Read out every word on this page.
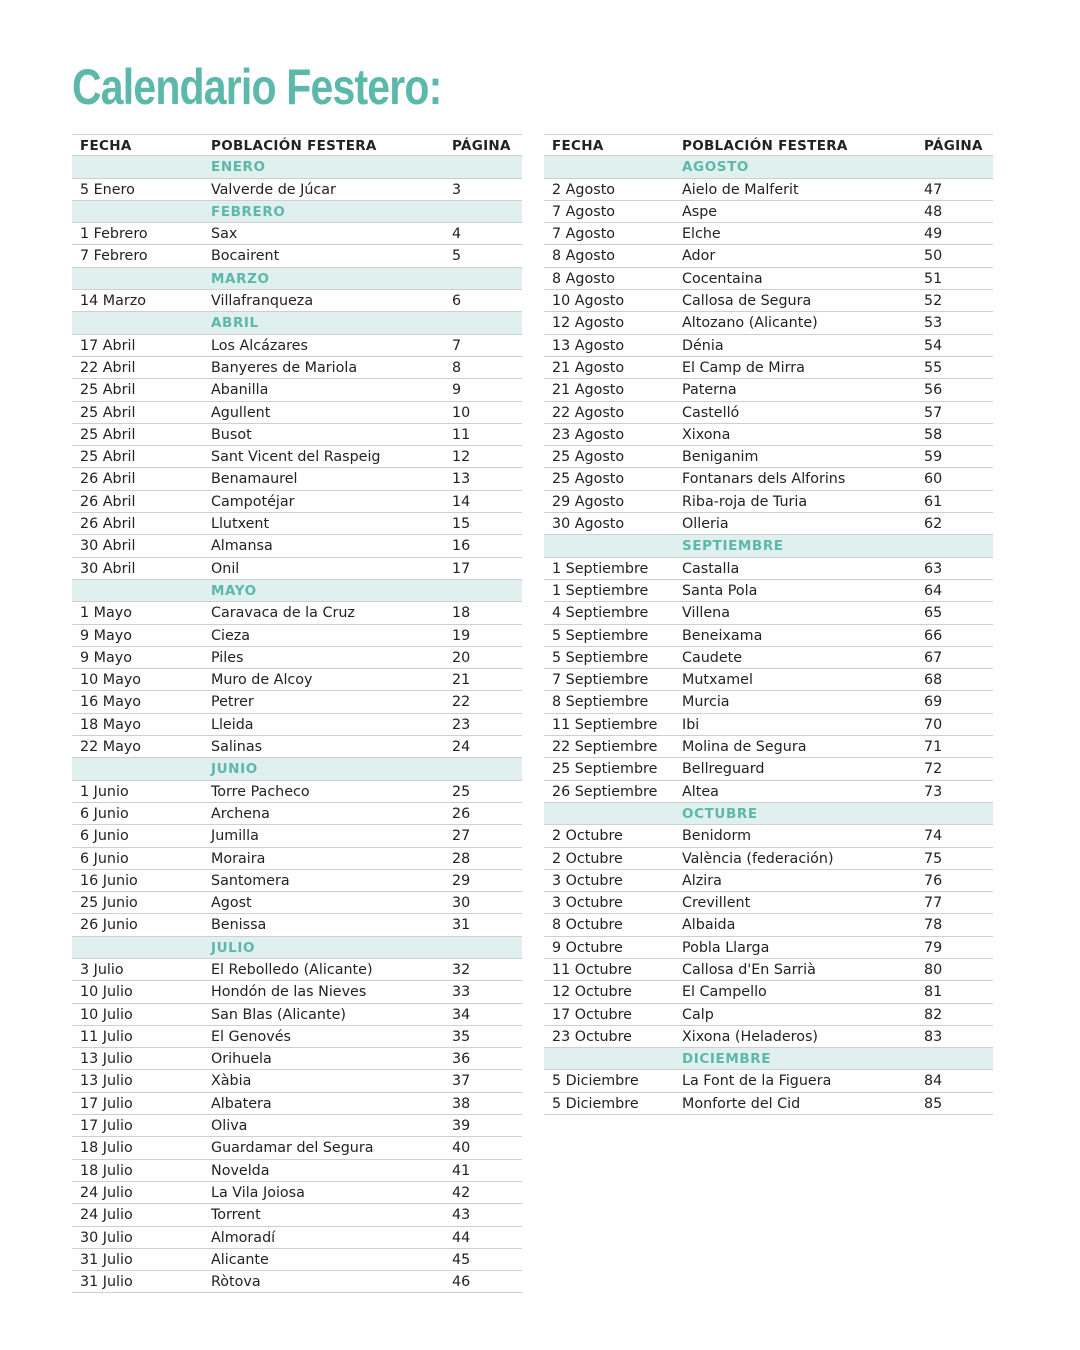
Calendario Festero:
FECHA	POBLACIÓN FESTERA	PÁGINA
ENERO
5 Enero	Valverde de Júcar	3
FEBRERO
1 Febrero	Sax	4
7 Febrero	Bocairent	5
MARZO
14 Marzo	Villafranqueza	6
ABRIL
17 Abril	Los Alcázares	7
22 Abril	Banyeres de Mariola	8
25 Abril	Abanilla	9
25 Abril	Agullent	10
25 Abril	Busot	11
25 Abril	Sant Vicent del Raspeig	12
26 Abril	Benamaurel	13
26 Abril	Campotéjar	14
26 Abril	Llutxent	15
30 Abril	Almansa	16
30 Abril	Onil	17
MAYO
1 Mayo	Caravaca de la Cruz	18
9 Mayo	Cieza	19
9 Mayo	Piles	20
10 Mayo	Muro de Alcoy	21
16 Mayo	Petrer	22
18 Mayo	Lleida	23
22 Mayo	Salinas	24
JUNIO
1 Junio	Torre Pacheco	25
6 Junio	Archena	26
6 Junio	Jumilla	27
6 Junio	Moraira	28
16 Junio	Santomera	29
25 Junio	Agost	30
26 Junio	Benissa	31
JULIO
3 Julio	El Rebolledo (Alicante)	32
10 Julio	Hondón de las Nieves	33
10 Julio	San Blas (Alicante)	34
11 Julio	El Genovés	35
13 Julio	Orihuela	36
13 Julio	Xàbia	37
17 Julio	Albatera	38
17 Julio	Oliva	39
18 Julio	Guardamar del Segura	40
18 Julio	Novelda	41
24 Julio	La Vila Joiosa	42
24 Julio	Torrent	43
30 Julio	Almoradí	44
31 Julio	Alicante	45
31 Julio	Ròtova	46
FECHA	POBLACIÓN FESTERA	PÁGINA
AGOSTO
2 Agosto	Aielo de Malferit	47
7 Agosto	Aspe	48
7 Agosto	Elche	49
8 Agosto	Ador	50
8 Agosto	Cocentaina	51
10 Agosto	Callosa de Segura	52
12 Agosto	Altozano (Alicante)	53
13 Agosto	Dénia	54
21 Agosto	El Camp de Mirra	55
21 Agosto	Paterna	56
22 Agosto	Castelló	57
23 Agosto	Xixona	58
25 Agosto	Beniganim	59
25 Agosto	Fontanars dels Alforins	60
29 Agosto	Riba-roja de Turia	61
30 Agosto	Olleria	62
SEPTIEMBRE
1 Septiembre Castalla	63
1 Septiembre Santa Pola	64
4 Septiembre Villena	65
5 Septiembre Beneixama	66
5 Septiembre Caudete	67
7 Septiembre Mutxamel	68
8 Septiembre Murcia	69
11 Septiembre Ibi	70
22 Septiembre Molina de Segura	71
25 Septiembre Bellreguard	72
26 Septiembre Altea	73
OCTUBRE
2 Octubre	Benidorm	74
2 Octubre	València (federación)	75
3 Octubre	Alzira	76
3 Octubre	Crevillent	77
8 Octubre	Albaida	78
9 Octubre	Pobla Llarga	79
11 Octubre	Callosa d'En Sarrià	80
12 Octubre	El Campello	81
17 Octubre	Calp	82
23 Octubre	Xixona (Heladeros)	83
DICIEMBRE
5 Diciembre	La Font de la Figuera	84
5 Diciembre	Monforte del Cid	85
